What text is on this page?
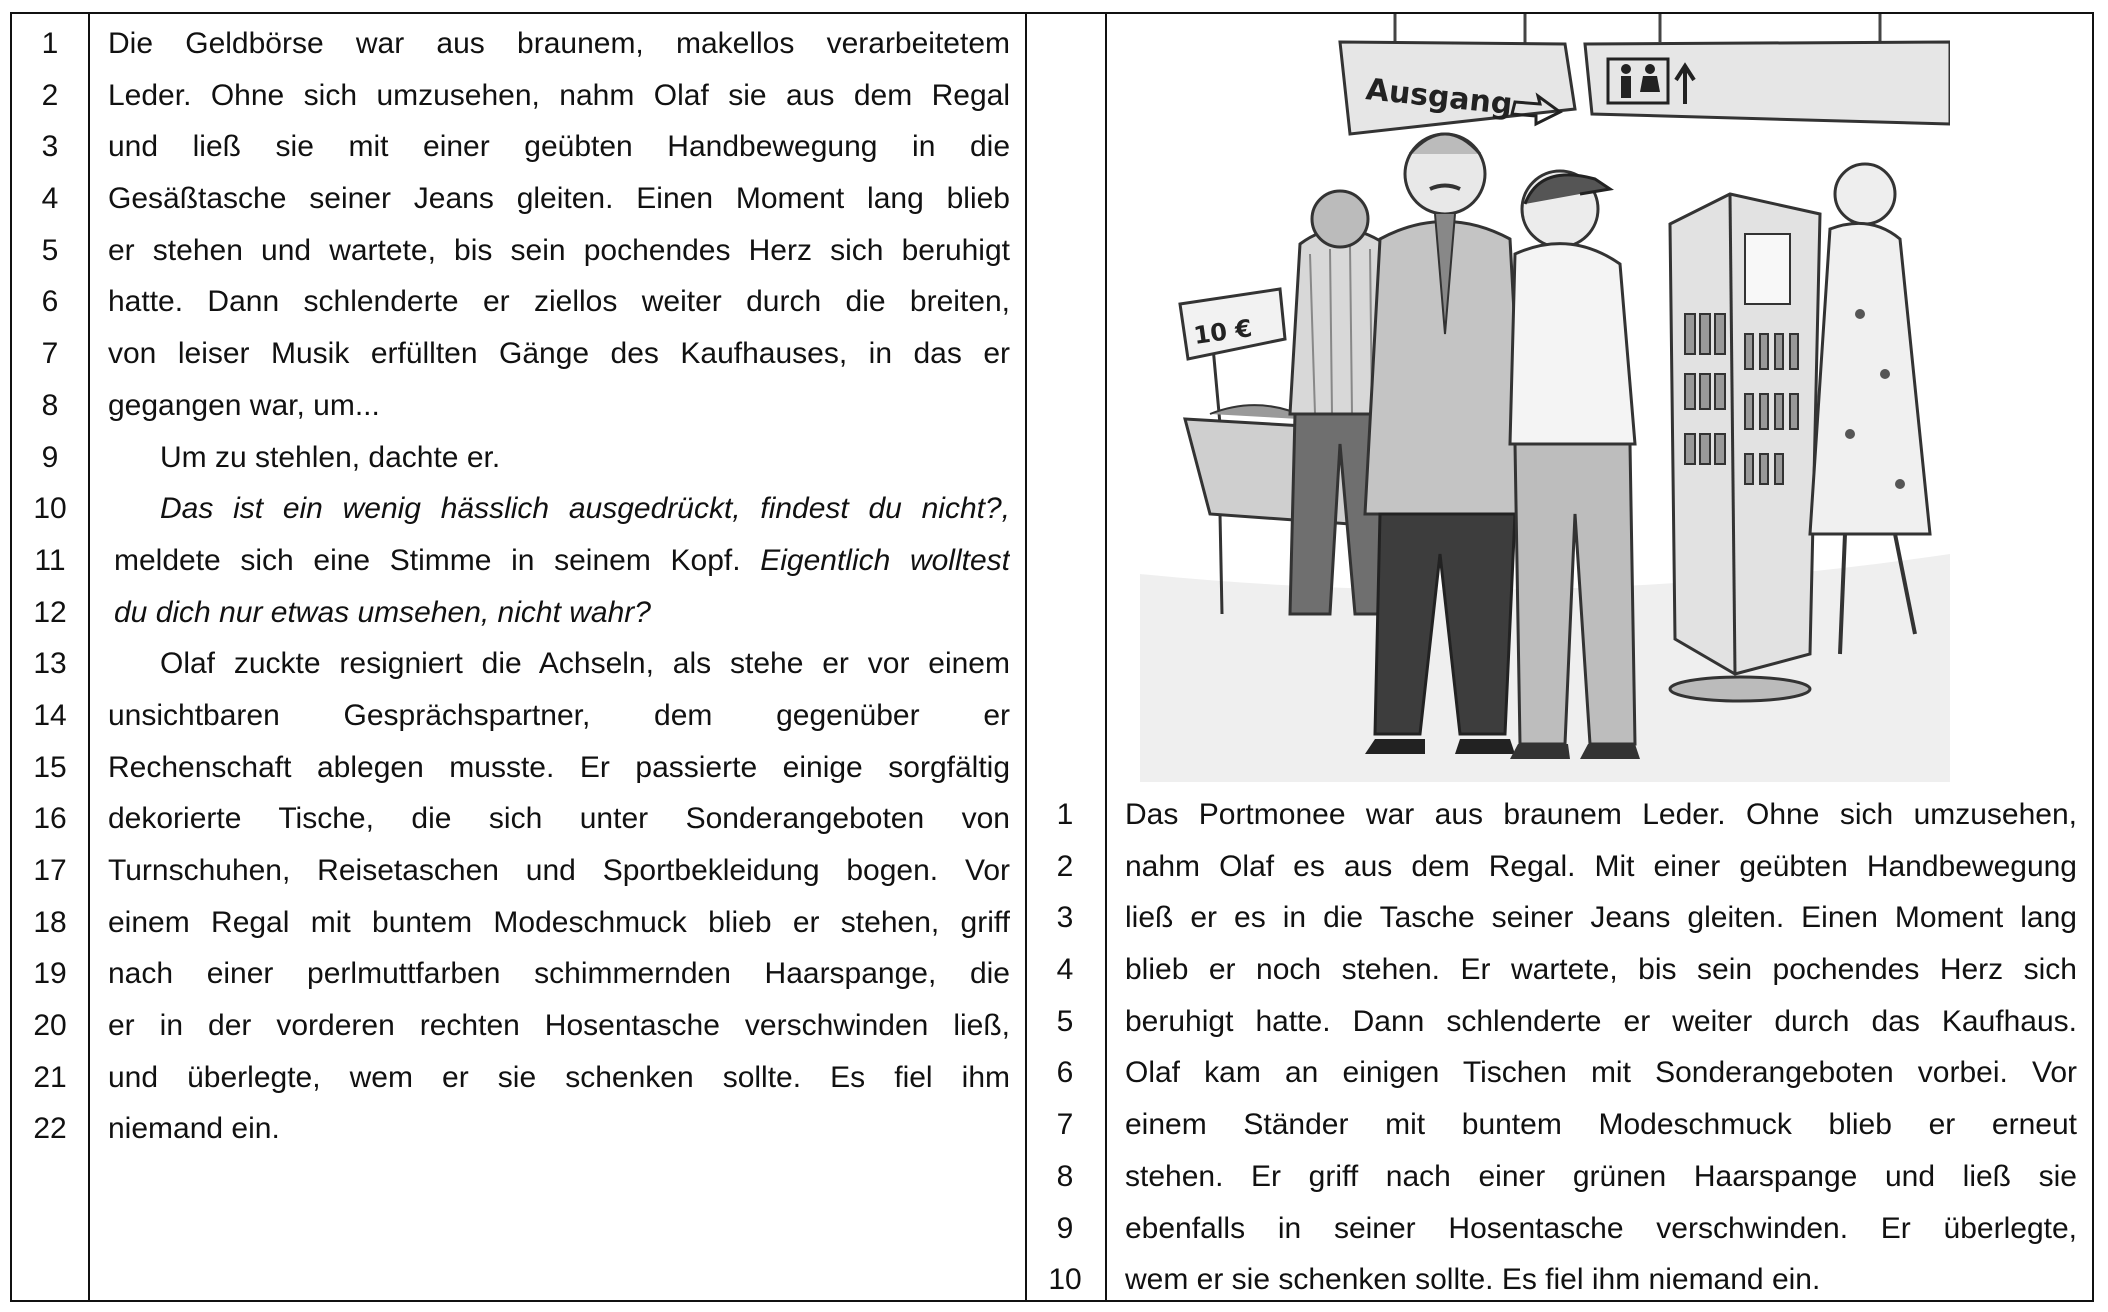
1
2
3
4
5
6
7
8
9
10
11
12
13
14
15
16
17
18
19
20
21
22

Die Geldbörse war aus braunem, makellos verarbeitetem

Leder. Ohne sich umzusehen, nahm Olaf sie aus dem Regal

und ließ sie mit einer geübten Handbewegung in die

Gesäßtasche seiner Jeans gleiten. Einen Moment lang blieb

er stehen und wartete, bis sein pochendes Herz sich beruhigt

hatte. Dann schlenderte er ziellos weiter durch die breiten,

von leiser Musik erfüllten Gänge des Kaufhauses, in das er

gegangen war, um...

Um zu stehlen, dachte er.

Das ist ein wenig hässlich ausgedrückt, findest du nicht?,

meldete sich eine Stimme in seinem Kopf. Eigentlich wolltest

du dich nur etwas umsehen, nicht wahr?

Olaf zuckte resigniert die Achseln, als stehe er vor einem

unsichtbaren Gesprächspartner, dem gegenüber er

Rechenschaft ablegen musste. Er passierte einige sorgfältig

dekorierte Tische, die sich unter Sonderangeboten von

Turnschuhen, Reisetaschen und Sportbekleidung bogen. Vor

einem Regal mit buntem Modeschmuck blieb er stehen, griff

nach einer perlmuttfarben schimmernden Haarspange, die

er in der vorderen rechten Hosentasche verschwinden ließ,

und überlegte, wem er sie schenken sollte. Es fiel ihm

niemand ein.

Ausgang
10 €
1
2
3
4
5
6
7
8
9
10

Das Portmonee war aus braunem Leder. Ohne sich umzusehen,

nahm Olaf es aus dem Regal. Mit einer geübten Handbewegung

ließ er es in die Tasche seiner Jeans gleiten. Einen Moment lang

blieb er noch stehen. Er wartete, bis sein pochendes Herz sich

beruhigt hatte. Dann schlenderte er weiter durch das Kaufhaus.

Olaf kam an einigen Tischen mit Sonderangeboten vorbei. Vor

einem Ständer mit buntem Modeschmuck blieb er erneut

stehen. Er griff nach einer grünen Haarspange und ließ sie

ebenfalls in seiner Hosentasche verschwinden. Er überlegte,

wem er sie schenken sollte. Es fiel ihm niemand ein.
